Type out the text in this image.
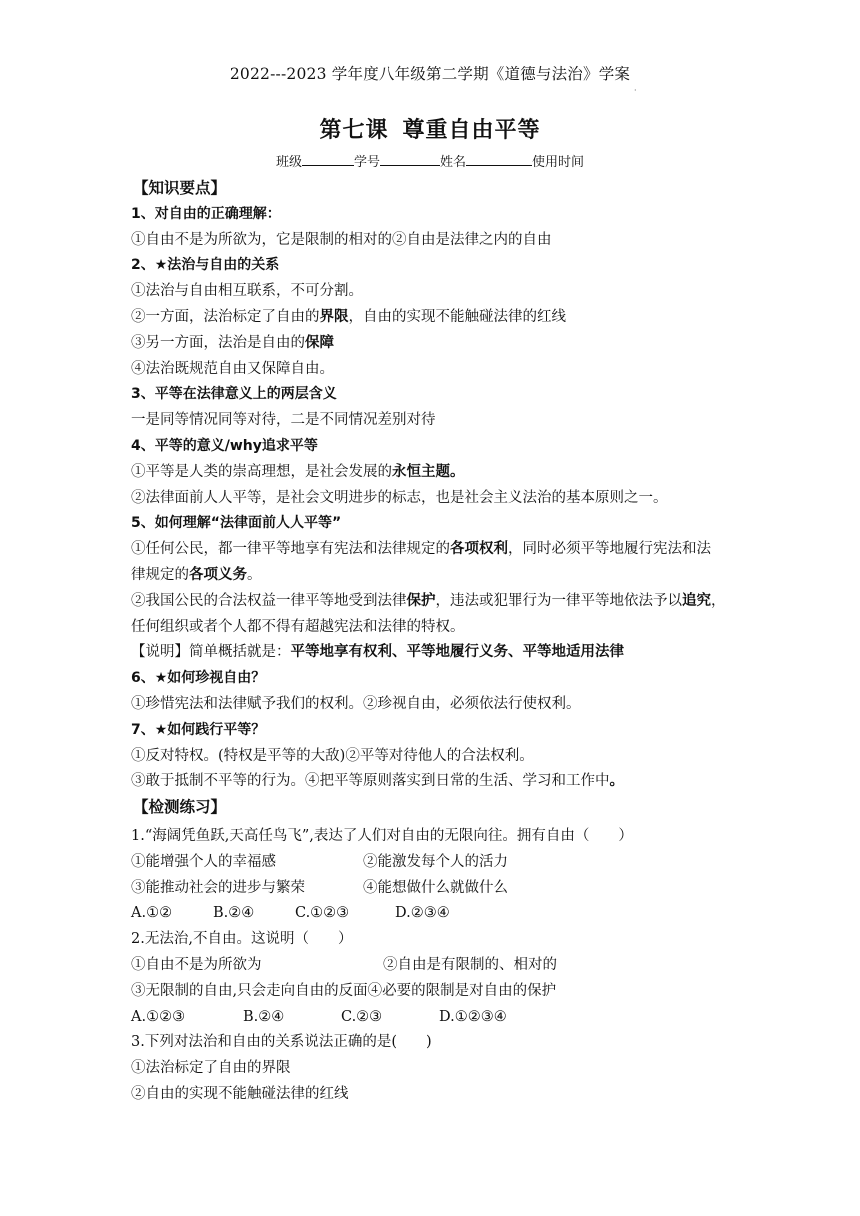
2022---2023 学年度八年级第二学期《道德与法治》学案
·
第七课 尊重自由平等
班级	学号	姓名	使用时间
【知识要点】
1、对自由的正确理解：
①自由不是为所欲为，它是限制的相对的②自由是法律之内的自由
2、★法治与自由的关系
①法治与自由相互联系，不可分割。
②一方面，法治标定了自由的界限，自由的实现不能触碰法律的红线
③另一方面，法治是自由的保障
④法治既规范自由又保障自由。
3、平等在法律意义上的两层含义
一是同等情况同等对待，二是不同情况差别对待
4、平等的意义/why追求平等
①平等是人类的崇高理想，是社会发展的永恒主题。
②法律面前人人平等，是社会文明进步的标志，也是社会主义法治的基本原则之一。
5、如何理解“法律面前人人平等”
①任何公民，都一律平等地享有宪法和法律规定的各项权利，同时必须平等地履行宪法和法
律规定的各项义务。
②我国公民的合法权益一律平等地受到法律保护，违法或犯罪行为一律平等地依法予以追究，
任何组织或者个人都不得有超越宪法和法律的特权。
【说明】简单概括就是：平等地享有权利、平等地履行义务、平等地适用法律
6、★如何珍视自由？
①珍惜宪法和法律赋予我们的权利。②珍视自由，必须依法行使权利。
7、★如何践行平等？
①反对特权。(特权是平等的大敌)②平等对待他人的合法权利。
③敢于抵制不平等的行为。④把平等原则落实到日常的生活、学习和工作中。
【检测练习】
1.“海阔凭鱼跃,天高任鸟飞”,表达了人们对自由的无限向往。拥有自由（　　）
①能增强个人的幸福感	②能激发每个人的活力
③能推动社会的进步与繁荣	④能想做什么就做什么
A.①②	B.②④	C.①②③	D.②③④
2.无法治,不自由。这说明（　　）
①自由不是为所欲为	②自由是有限制的、相对的
③无限制的自由,只会走向自由的反面④必要的限制是对自由的保护
A.①②③	B.②④	C.②③	D.①②③④
3.下列对法治和自由的关系说法正确的是(　　)
①法治标定了自由的界限
②自由的实现不能触碰法律的红线
